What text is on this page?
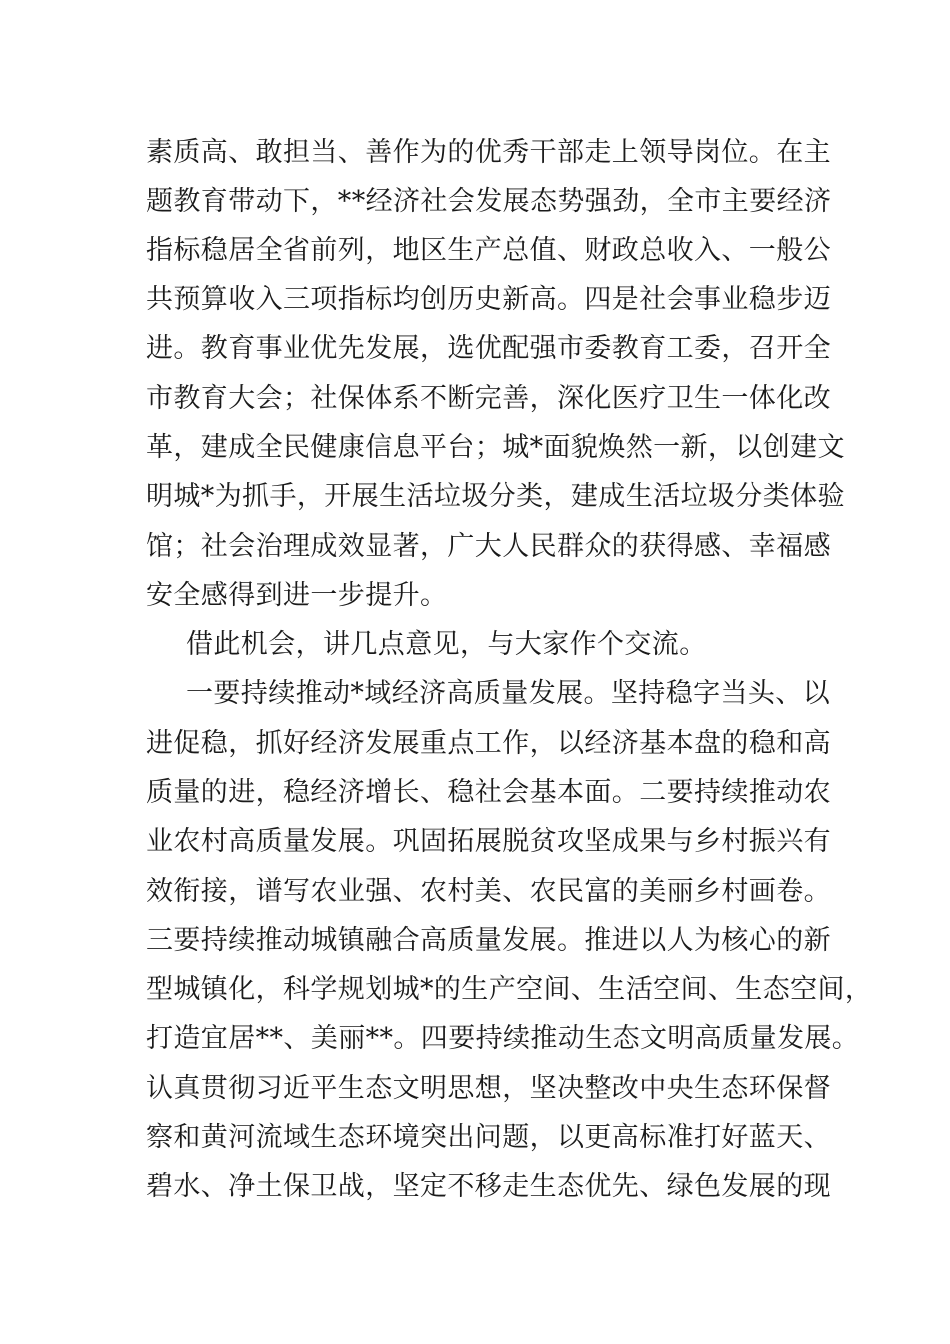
素质高、敢担当、善作为的优秀干部走上领导岗位。在主
题教育带动下，**经济社会发展态势强劲，全市主要经济
指标稳居全省前列，地区生产总值、财政总收入、一般公
共预算收入三项指标均创历史新高。四是社会事业稳步迈
进。教育事业优先发展，选优配强市委教育工委，召开全
市教育大会；社保体系不断完善，深化医疗卫生一体化改
革，建成全民健康信息平台；城*面貌焕然一新，以创建文
明城*为抓手，开展生活垃圾分类，建成生活垃圾分类体验
馆；社会治理成效显著，广大人民群众的获得感、幸福感
安全感得到进一步提升。
借此机会，讲几点意见，与大家作个交流。
一要持续推动*域经济高质量发展。坚持稳字当头、以
进促稳，抓好经济发展重点工作，以经济基本盘的稳和高
质量的进，稳经济增长、稳社会基本面。二要持续推动农
业农村高质量发展。巩固拓展脱贫攻坚成果与乡村振兴有
效衔接，谱写农业强、农村美、农民富的美丽乡村画卷。
三要持续推动城镇融合高质量发展。推进以人为核心的新
型城镇化，科学规划城*的生产空间、生活空间、生态空间，
打造宜居**、美丽**。四要持续推动生态文明高质量发展。
认真贯彻习近平生态文明思想，坚决整改中央生态环保督
察和黄河流域生态环境突出问题，以更高标准打好蓝天、
碧水、净土保卫战，坚定不移走生态优先、绿色发展的现
